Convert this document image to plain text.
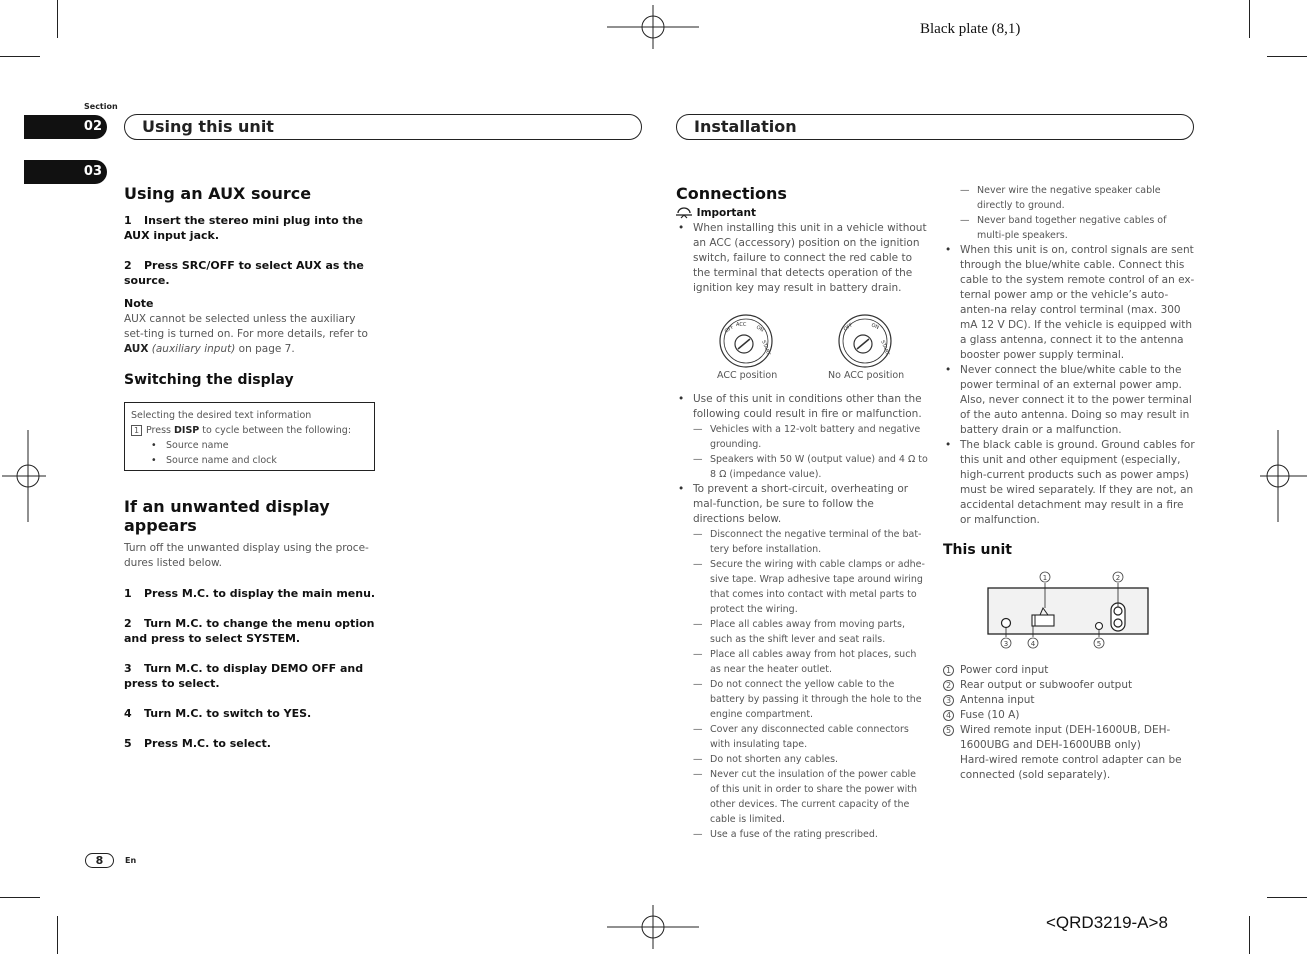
Black plate (8,1)
<QRD3219-A>8
Section
02
03
Using this unit	Installation
Using an AUX source
1 Insert the stereo mini plug into the AUX input jack.
2 Press SRC/OFF to select AUX as the source.
Note
AUX cannot be selected unless the auxiliary set-ting is turned on. For more details, refer to AUX (auxiliary input) on page 7.
Switching the display
Selecting the desired text information
1 Press DISP to cycle between the following:
• Source name
• Source name and clock
If an unwanted display appears
Turn off the unwanted display using the proce-dures listed below.
1 Press M.C. to display the main menu.
2 Turn M.C. to change the menu option and press to select SYSTEM.
3 Turn M.C. to display DEMO OFF and press to select.
4 Turn M.C. to switch to YES.
5 Press M.C. to select.
Connections
Important
• When installing this unit in a vehicle without an ACC (accessory) position on the ignition switch, failure to connect the red cable to the terminal that detects operation of the ignition key may result in battery drain.
OFF ACC ON
START
OFF	ON
START
ACC position	No ACC position
• Use of this unit in conditions other than the following could result in fire or malfunction.
— Vehicles with a 12-volt battery and negative grounding.
— Speakers with 50 W (output value) and 4 Ω to 8 Ω (impedance value).
• To prevent a short-circuit, overheating or mal-function, be sure to follow the directions below.
— Disconnect the negative terminal of the bat-tery before installation.
— Secure the wiring with cable clamps or adhe-sive tape. Wrap adhesive tape around wiring that comes into contact with metal parts to protect the wiring.
— Place all cables away from moving parts, such as the shift lever and seat rails.
— Place all cables away from hot places, such as near the heater outlet.
— Do not connect the yellow cable to the battery by passing it through the hole to the engine compartment.
— Cover any disconnected cable connectors with insulating tape.
— Do not shorten any cables.
— Never cut the insulation of the power cable of this unit in order to share the power with other devices. The current capacity of the cable is limited.
— Use a fuse of the rating prescribed.
— Never wire the negative speaker cable directly to ground.
— Never band together negative cables of multi-ple speakers.
• When this unit is on, control signals are sent through the blue/white cable. Connect this cable to the system remote control of an ex-ternal power amp or the vehicle’s auto-anten-na relay control terminal (max. 300 mA 12 V DC). If the vehicle is equipped with a glass antenna, connect it to the antenna booster power supply terminal.
• Never connect the blue/white cable to the power terminal of an external power amp. Also, never connect it to the power terminal of the auto antenna. Doing so may result in battery drain or a malfunction.
• The black cable is ground. Ground cables for this unit and other equipment (especially, high-current products such as power amps) must be wired separately. If they are not, an accidental detachment may result in a fire or malfunction.
This unit
1	2
3	4	5
1 Power cord input
2 Rear output or subwoofer output
3 Antenna input
4 Fuse (10 A)
5 Wired remote input (DEH-1600UB, DEH-1600UBG and DEH-1600UBB only)
Hard-wired remote control adapter can be connected (sold separately).
8	En
